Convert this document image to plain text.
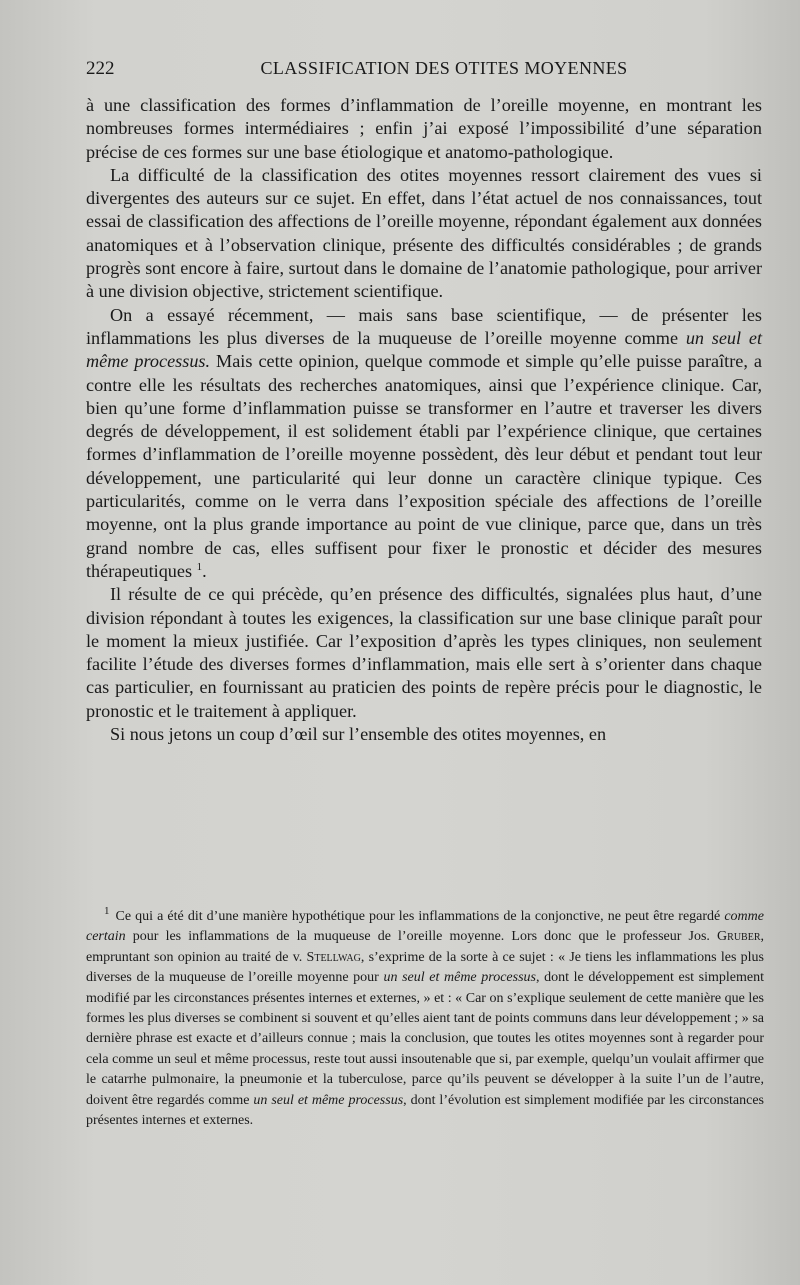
222	CLASSIFICATION DES OTITES MOYENNES

à une classification des formes d’inflammation de l’oreille moyenne, en montrant les nombreuses formes intermédiaires ; enfin j’ai exposé l’impossibilité d’une séparation précise de ces formes sur une base étiologique et anatomo-pathologique.

La difficulté de la classification des otites moyennes ressort clairement des vues si divergentes des auteurs sur ce sujet. En effet, dans l’état actuel de nos connaissances, tout essai de classification des affections de l’oreille moyenne, répondant également aux données anatomiques et à l’observation clinique, présente des difficultés considérables ; de grands progrès sont encore à faire, surtout dans le domaine de l’anatomie pathologique, pour arriver à une division objective, strictement scientifique.

On a essayé récemment, — mais sans base scientifique, — de présenter les inflammations les plus diverses de la muqueuse de l’oreille moyenne comme un seul et même processus. Mais cette opinion, quelque commode et simple qu’elle puisse paraître, a contre elle les résultats des recherches anatomiques, ainsi que l’expérience clinique. Car, bien qu’une forme d’inflammation puisse se transformer en l’autre et traverser les divers degrés de développement, il est solidement établi par l’expérience clinique, que certaines formes d’inflammation de l’oreille moyenne possèdent, dès leur début et pendant tout leur développement, une particularité qui leur donne un caractère clinique typique. Ces particularités, comme on le verra dans l’exposition spéciale des affections de l’oreille moyenne, ont la plus grande importance au point de vue clinique, parce que, dans un très grand nombre de cas, elles suffisent pour fixer le pronostic et décider des mesures thérapeutiques $^1$.

Il résulte de ce qui précède, qu’en présence des difficultés, signalées plus haut, d’une division répondant à toutes les exigences, la classification sur une base clinique paraît pour le moment la mieux justifiée. Car l’exposition d’après les types cliniques, non seulement facilite l’étude des diverses formes d’inflammation, mais elle sert à s’orienter dans chaque cas particulier, en fournissant au praticien des points de repère précis pour le diagnostic, le pronostic et le traitement à appliquer.

Si nous jetons un coup d’œil sur l’ensemble des otites moyennes, en

$^1$ Ce qui a été dit d’une manière hypothétique pour les inflammations de la conjonctive, ne peut être regardé comme certain pour les inflammations de la muqueuse de l’oreille moyenne. Lors donc que le professeur Jos. Gruber, empruntant son opinion au traité de v. Stellwag, s’exprime de la sorte à ce sujet : « Je tiens les inflammations les plus diverses de la muqueuse de l’oreille moyenne pour un seul et même processus, dont le développement est simplement modifié par les circonstances présentes internes et externes, » et : « Car on s’explique seulement de cette manière que les formes les plus diverses se combinent si souvent et qu’elles aient tant de points communs dans leur développement ; » sa dernière phrase est exacte et d’ailleurs connue ; mais la conclusion, que toutes les otites moyennes sont à regarder pour cela comme un seul et même processus, reste tout aussi insoutenable que si, par exemple, quelqu’un voulait affirmer que le catarrhe pulmonaire, la pneumonie et la tuberculose, parce qu’ils peuvent se développer à la suite l’un de l’autre, doivent être regardés comme un seul et même processus, dont l’évolution est simplement modifiée par les circonstances présentes internes et externes.
